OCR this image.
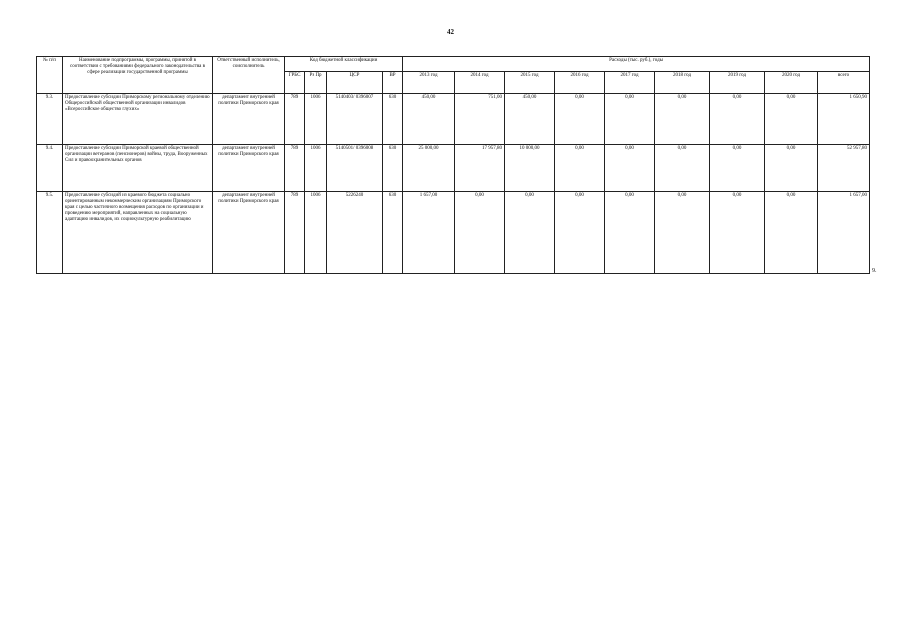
42
№ п/п	Наименование подпрограммы, программы, принятой в соответствии с требованиями федерального законодательства в сфере реализации государственной программы	Ответственный исполнитель, соисполнитель	Код бюджетной классификации				Расходы (тыс. руб.), годы								
			ГРБС	Рз Пр	ЦСР	ВР	2013 год	2014 год	2015 год	2016 год	2017 год	2018 год	2019 год	2020 год	всего
9.3.	Предоставление субсидии Приморскому региональному отделению Общероссийской общественной организации инвалидов «Всероссийское общество глухих»	департамент внутренней политики Приморского края	789	1006	5140403/ 0396007	630	450,00	751,00	450,00	0,00	0,00	0,00	0,00	0,00	1 650,90
9.4.	Предоставление субсидии Приморской краевой общественной организации ветеранов (пенсионеров) войны, труда, Вооруженных Сил и правоохранительных органов	департамент внутренней политики Приморского края	789	1006	5140501/ 0396008	630	25 000,00	17 957,80	10 000,00	0,00	0,00	0,00	0,00	0,00	52 957,80
9.5.	Предоставление субсидий из краевого бюджета социально ориентированным некоммерческим организациям Приморского края с целью частичного возмещения расходов по организации и проведению мероприятий, направленных на социальную адаптацию инвалидов, их социокультурную реабилитацию	департамент внутренней политики Приморского края	789	1006	5226240	630	1 657,00	0,00	0,00	0,00	0,00	0,00	0,00	0,00	1 657,00
9.
